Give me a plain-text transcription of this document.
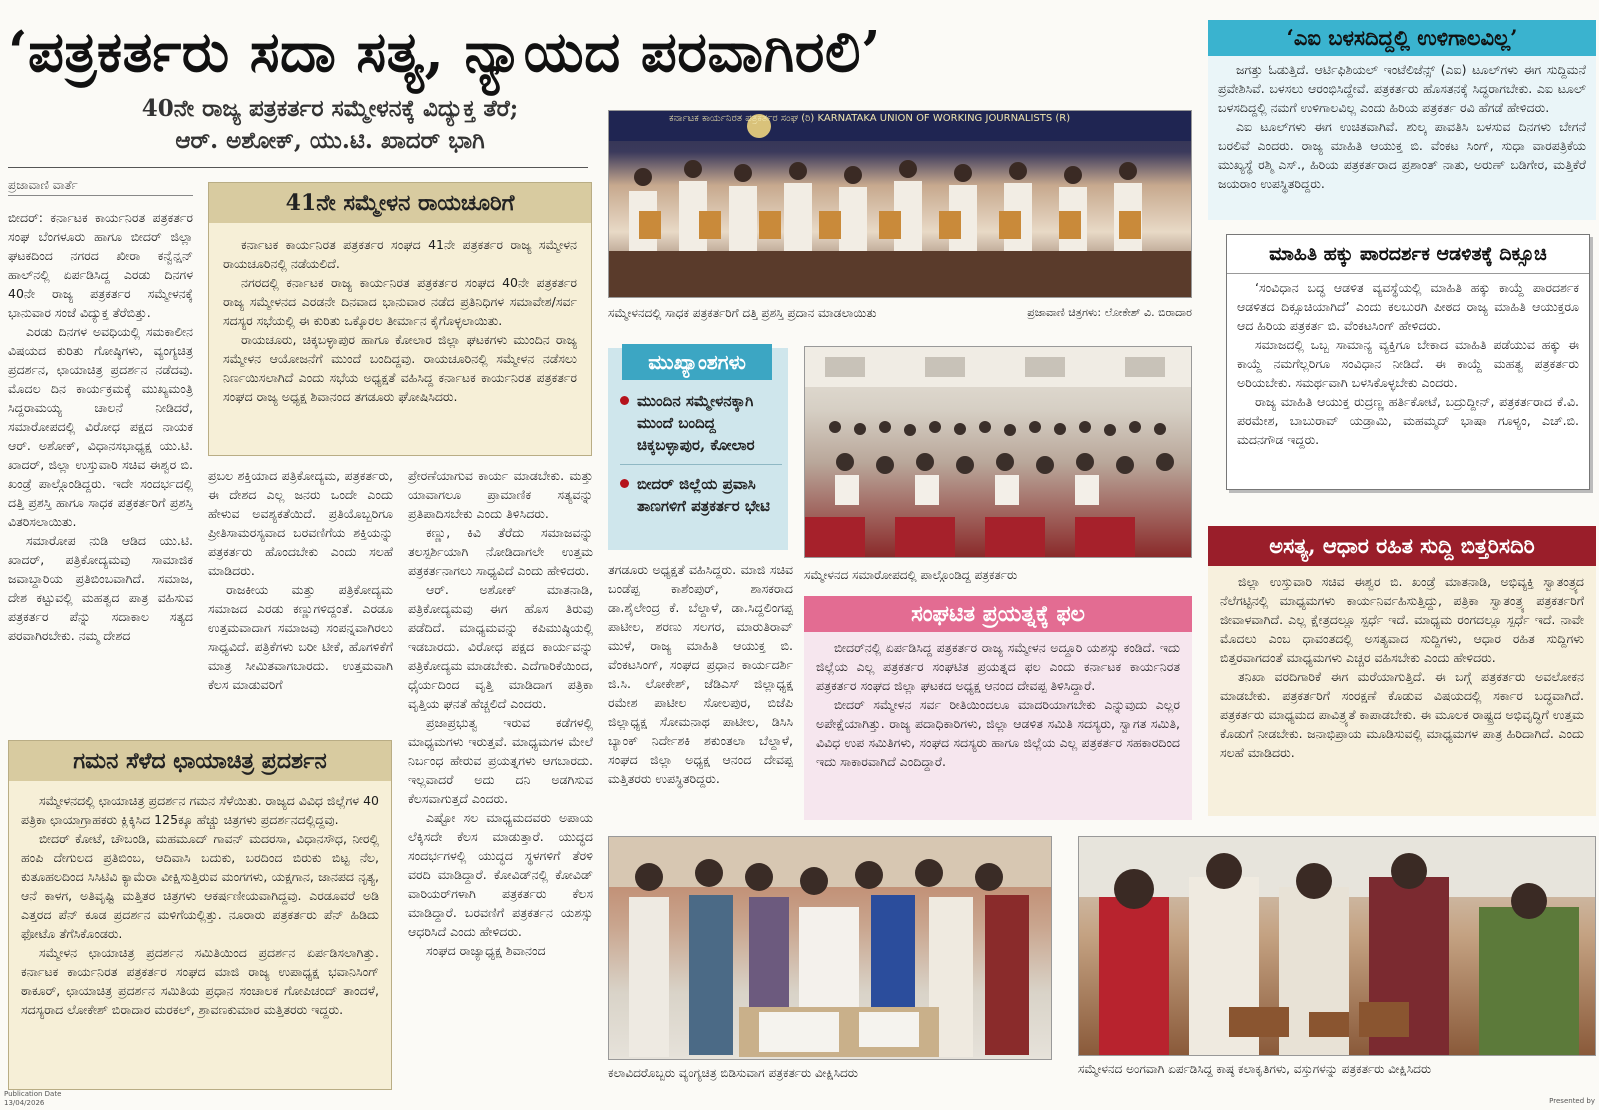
‘ಪತ್ರಕರ್ತರು ಸದಾ ಸತ್ಯ, ನ್ಯಾಯದ ಪರವಾಗಿರಲಿ’
40ನೇ ರಾಜ್ಯ ಪತ್ರಕರ್ತರ ಸಮ್ಮೇಳನಕ್ಕೆ ವಿದ್ಯುಕ್ತ ತೆರೆ;
ಆರ್‌. ಅಶೋಕ್‌, ಯು.ಟಿ. ಖಾದರ್‌ ಭಾಗಿ
ಪ್ರಜಾವಾಣಿ ವಾರ್ತೆ

ಬೀದರ್: ಕರ್ನಾಟಕ ಕಾರ್ಯನಿರತ ಪತ್ರಕರ್ತರ ಸಂಘ ಬೆಂಗಳೂರು ಹಾಗೂ ಬೀದರ್ ಜಿಲ್ಲಾ ಘಟಕದಿಂದ ನಗರದ ಖೀರಾ ಕನ್ವೆನ್ಷನ್ ಹಾಲ್‌ನಲ್ಲಿ ಏರ್ಪಡಿಸಿದ್ದ ಎರಡು ದಿನಗಳ 40ನೇ ರಾಜ್ಯ ಪತ್ರಕರ್ತರ ಸಮ್ಮೇಳನಕ್ಕೆ ಭಾನುವಾರ ಸಂಜೆ ವಿದ್ಯುಕ್ತ ತೆರೆಬಿತ್ತು.

ಎರಡು ದಿನಗಳ ಅವಧಿಯಲ್ಲಿ ಸಮಕಾಲೀನ ವಿಷಯದ ಕುರಿತು ಗೋಷ್ಠಿಗಳು, ವ್ಯಂಗ್ಯಚಿತ್ರ ಪ್ರದರ್ಶನ, ಛಾಯಾಚಿತ್ರ ಪ್ರದರ್ಶನ ನಡೆದವು. ಮೊದಲ ದಿನ ಕಾರ್ಯಕ್ರಮಕ್ಕೆ ಮುಖ್ಯಮಂತ್ರಿ ಸಿದ್ದರಾಮಯ್ಯ ಚಾಲನೆ ನೀಡಿದರೆ, ಸಮಾರೋಪದಲ್ಲಿ ವಿರೋಧ ಪಕ್ಷದ ನಾಯಕ ಆರ್. ಅಶೋಕ್, ವಿಧಾನಸಭಾಧ್ಯಕ್ಷ ಯು.ಟಿ. ಖಾದರ್, ಜಿಲ್ಲಾ ಉಸ್ತುವಾರಿ ಸಚಿವ ಈಶ್ವರ ಬಿ. ಖಂಡ್ರೆ ಪಾಲ್ಗೊಂಡಿದ್ದರು. ಇದೇ ಸಂದರ್ಭದಲ್ಲಿ ದತ್ತಿ ಪ್ರಶಸ್ತಿ ಹಾಗೂ ಸಾಧಕ ಪತ್ರಕರ್ತರಿಗೆ ಪ್ರಶಸ್ತಿ ವಿತರಿಸಲಾಯಿತು.

ಸಮಾರೋಪ ನುಡಿ ಆಡಿದ ಯು.ಟಿ. ಖಾದರ್, ಪತ್ರಿಕೋದ್ಯಮವು ಸಾಮಾಜಿಕ ಜವಾಬ್ದಾರಿಯ ಪ್ರತಿಬಿಂಬವಾಗಿದೆ. ಸಮಾಜ, ದೇಶ ಕಟ್ಟುವಲ್ಲಿ ಮಹತ್ವದ ಪಾತ್ರ ವಹಿಸುವ ಪತ್ರಕರ್ತರ ಪೆನ್ನು ಸದಾಕಾಲ ಸತ್ಯದ ಪರವಾಗಿರಬೇಕು. ನಮ್ಮ ದೇಶದ

41ನೇ ಸಮ್ಮೇಳನ ರಾಯಚೂರಿಗೆ

ಕರ್ನಾಟಕ ಕಾರ್ಯನಿರತ ಪತ್ರಕರ್ತರ ಸಂಘದ 41ನೇ ಪತ್ರಕರ್ತರ ರಾಜ್ಯ ಸಮ್ಮೇಳನ ರಾಯಚೂರಿನಲ್ಲಿ ನಡೆಯಲಿದೆ.

ನಗರದಲ್ಲಿ ಕರ್ನಾಟಕ ರಾಜ್ಯ ಕಾರ್ಯನಿರತ ಪತ್ರಕರ್ತರ ಸಂಘದ 40ನೇ ಪತ್ರಕರ್ತರ ರಾಜ್ಯ ಸಮ್ಮೇಳನದ ಎರಡನೇ ದಿನವಾದ ಭಾನುವಾರ ನಡೆದ ಪ್ರತಿನಿಧಿಗಳ ಸಮಾವೇಶ/ಸರ್ವ ಸದಸ್ಯರ ಸಭೆಯಲ್ಲಿ ಈ ಕುರಿತು ಒಕ್ಕೊರಲ ತೀರ್ಮಾನ ಕೈಗೊಳ್ಳಲಾಯಿತು.

ರಾಯಚೂರು, ಚಿಕ್ಕಬಳ್ಳಾಪುರ ಹಾಗೂ ಕೋಲಾರ ಜಿಲ್ಲಾ ಘಟಕಗಳು ಮುಂದಿನ ರಾಜ್ಯ ಸಮ್ಮೇಳನ ಆಯೋಜನೆಗೆ ಮುಂದೆ ಬಂದಿದ್ದವು. ರಾಯಚೂರಿನಲ್ಲಿ ಸಮ್ಮೇಳನ ನಡೆಸಲು ನಿರ್ಣಯಿಸಲಾಗಿದೆ ಎಂದು ಸಭೆಯ ಅಧ್ಯಕ್ಷತೆ ವಹಿಸಿದ್ದ ಕರ್ನಾಟಕ ಕಾರ್ಯನಿರತ ಪತ್ರಕರ್ತರ ಸಂಘದ ರಾಜ್ಯ ಅಧ್ಯಕ್ಷ ಶಿವಾನಂದ ತಗಡೂರು ಘೋಷಿಸಿದರು.

ಪ್ರಬಲ ಶಕ್ತಿಯಾದ ಪತ್ರಿಕೋದ್ಯಮ, ಪತ್ರಕರ್ತರು, ಈ ದೇಶದ ಎಲ್ಲ ಜನರು ಒಂದೇ ಎಂದು ಹೇಳುವ ಅವಶ್ಯಕತೆಯಿದೆ. ಪ್ರತಿಯೊಬ್ಬರಿಗೂ ಪ್ರೀತಿಸಾಮರಸ್ಯವಾದ ಬರವಣಿಗೆಯ ಶಕ್ತಿಯನ್ನು ಪತ್ರಕರ್ತರು ಹೊಂದಬೇಕು ಎಂದು ಸಲಹೆ ಮಾಡಿದರು.

ರಾಜಕೀಯ ಮತ್ತು ಪತ್ರಿಕೋದ್ಯಮ ಸಮಾಜದ ಎರಡು ಕಣ್ಣುಗಳಿದ್ದಂತೆ. ಎರಡೂ ಉತ್ತಮವಾದಾಗ ಸಮಾಜವು ಸಂಪನ್ನವಾಗಿರಲು ಸಾಧ್ಯವಿದೆ. ಪತ್ರಿಕೆಗಳು ಬರೀ ಟೀಕೆ, ಹೊಗಳಿಕೆಗೆ ಮಾತ್ರ ಸೀಮಿತವಾಗಬಾರದು. ಉತ್ತಮವಾಗಿ ಕೆಲಸ ಮಾಡುವರಿಗೆ

ಪ್ರೇರಣೆಯಾಗುವ ಕಾರ್ಯ ಮಾಡಬೇಕು. ಮತ್ತು ಯಾವಾಗಲೂ ಪ್ರಾಮಾಣಿಕ ಸತ್ಯವನ್ನು ಪ್ರತಿಪಾದಿಸಬೇಕು ಎಂದು ತಿಳಿಸಿದರು.

ಕಣ್ಣು, ಕಿವಿ ತೆರೆದು ಸಮಾಜವನ್ನು ತಲಸ್ಪರ್ಶಿಯಾಗಿ ನೋಡಿದಾಗಲೇ ಉತ್ತಮ ಪತ್ರಕರ್ತನಾಗಲು ಸಾಧ್ಯವಿದೆ ಎಂದು ಹೇಳಿದರು.

ಆರ್. ಅಶೋಕ್ ಮಾತನಾಡಿ, ಪತ್ರಿಕೋದ್ಯಮವು ಈಗ ಹೊಸ ತಿರುವು ಪಡೆದಿದೆ. ಮಾಧ್ಯಮವನ್ನು ಕಪಿಮುಷ್ಠಿಯಲ್ಲಿ ಇಡಬಾರದು. ವಿರೋಧ ಪಕ್ಷದ ಕಾರ್ಯವನ್ನು ಪತ್ರಿಕೋದ್ಯಮ ಮಾಡಬೇಕು. ಎದೆಗಾರಿಕೆಯಿಂದ, ಧೈರ್ಯದಿಂದ ವೃತ್ತಿ ಮಾಡಿದಾಗ ಪತ್ರಿಕಾ ವೃತ್ತಿಯ ಘನತೆ ಹೆಚ್ಚಲಿದೆ ಎಂದರು.

ಪ್ರಜಾಪ್ರಭುತ್ವ ಇರುವ ಕಡೆಗಳಲ್ಲಿ ಮಾಧ್ಯಮಗಳು ಇರುತ್ತವೆ. ಮಾಧ್ಯಮಗಳ ಮೇಲೆ ನಿರ್ಬಂಧ ಹೇರುವ ಪ್ರಯತ್ನಗಳು ಆಗಬಾರದು. ಇಲ್ಲವಾದರೆ ಅದು ದನಿ ಅಡಗಿಸುವ ಕೆಲಸವಾಗುತ್ತದೆ ಎಂದರು.

ಎಷ್ಟೋ ಸಲ ಮಾಧ್ಯಮದವರು ಅಪಾಯ ಲೆಕ್ಕಿಸದೇ ಕೆಲಸ ಮಾಡುತ್ತಾರೆ. ಯುದ್ಧದ ಸಂದರ್ಭಗಳಲ್ಲಿ ಯುದ್ಧದ ಸ್ಥಳಗಳಿಗೆ ತೆರಳಿ ವರದಿ ಮಾಡಿದ್ದಾರೆ. ಕೋವಿಡ್‌ನಲ್ಲಿ ಕೋವಿಡ್ ವಾರಿಯರ್‌ಗಳಾಗಿ ಪತ್ರಕರ್ತರು ಕೆಲಸ ಮಾಡಿದ್ದಾರೆ. ಬರವಣಿಗೆ ಪತ್ರಕರ್ತನ ಯಶಸ್ಸು ಆಧರಿಸಿದೆ ಎಂದು ಹೇಳಿದರು.

ಸಂಘದ ರಾಜ್ಯಾಧ್ಯಕ್ಷ ಶಿವಾನಂದ

ಗಮನ ಸೆಳೆದ ಛಾಯಾಚಿತ್ರ ಪ್ರದರ್ಶನ

ಸಮ್ಮೇಳನದಲ್ಲಿ ಛಾಯಾಚಿತ್ರ ಪ್ರದರ್ಶನ ಗಮನ ಸೆಳೆಯಿತು. ರಾಜ್ಯದ ವಿವಿಧ ಜಿಲ್ಲೆಗಳ 40 ಪತ್ರಿಕಾ ಛಾಯಾಗ್ರಾಹಕರು ಕ್ಲಿಕ್ಕಿಸಿದ 125ಕ್ಕೂ ಹೆಚ್ಚು ಚಿತ್ರಗಳು ಪ್ರದರ್ಶನದಲ್ಲಿದ್ದವು.

ಬೀದರ್ ಕೋಟೆ, ಚೌಬಂಡಿ, ಮಹಮೂದ್ ಗಾವನ್ ಮದರಸಾ, ವಿಧಾನಸೌಧ, ನೀರಲ್ಲಿ ಹಂಪಿ ದೇಗುಲದ ಪ್ರತಿಬಿಂಬ, ಆದಿವಾಸಿ ಬದುಕು, ಬರದಿಂದ ಬಿರುಕು ಬಿಟ್ಟ ನೆಲ, ಕುತೂಹಲದಿಂದ ಸಿಸಿಟಿವಿ ಕ್ಯಾಮೆರಾ ವೀಕ್ಷಿಸುತ್ತಿರುವ ಮಂಗಗಳು, ಯಕ್ಷಗಾನ, ಜಾನಪದ ನೃತ್ಯ, ಆನೆ ಕಾಳಗ, ಅತಿವೃಷ್ಟಿ ಮತ್ತಿತರ ಚಿತ್ರಗಳು ಆಕರ್ಷಣೀಯವಾಗಿದ್ದವು. ಎರಡೂವರೆ ಅಡಿ ಎತ್ತರದ ಪೆನ್ ಕೂಡ ಪ್ರದರ್ಶನ ಮಳಿಗೆಯಲ್ಲಿತ್ತು. ನೂರಾರು ಪತ್ರಕರ್ತರು ಪೆನ್ ಹಿಡಿದು ಫೋಟೊ ತೆಗೆಸಿಕೊಂಡರು.

ಸಮ್ಮೇಳನ ಛಾಯಾಚಿತ್ರ ಪ್ರದರ್ಶನ ಸಮಿತಿಯಿಂದ ಪ್ರದರ್ಶನ ಏರ್ಪಡಿಸಲಾಗಿತ್ತು. ಕರ್ನಾಟಕ ಕಾರ್ಯನಿರತ ಪತ್ರಕರ್ತರ ಸಂಘದ ಮಾಜಿ ರಾಜ್ಯ ಉಪಾಧ್ಯಕ್ಷ ಭವಾನಿಸಿಂಗ್ ಠಾಕೂರ್, ಛಾಯಾಚಿತ್ರ ಪ್ರದರ್ಶನ ಸಮಿತಿಯ ಪ್ರಧಾನ ಸಂಚಾಲಕ ಗೋಪಿಚಂದ್ ತಾಂದಳೆ, ಸದಸ್ಯರಾದ ಲೋಕೇಶ್ ಬಿರಾದಾರ ಮರಕಲ್, ಶ್ರಾವಣಕುಮಾರ ಮತ್ತಿತರರು ಇದ್ದರು.

ಕರ್ನಾಟಕ ಕಾರ್ಯನಿರತ ಪತ್ರಕರ್ತರ ಸಂಘ (ರಿ) KARNATAKA UNION OF WORKING JOURNALISTS (R)
ಸಮ್ಮೇಳನದಲ್ಲಿ ಸಾಧಕ ಪತ್ರಕರ್ತರಿಗೆ ದತ್ತಿ ಪ್ರಶಸ್ತಿ ಪ್ರದಾನ ಮಾಡಲಾಯಿತು	ಪ್ರಜಾವಾಣಿ ಚಿತ್ರಗಳು: ಲೋಕೇಶ್ ವಿ. ಬಿರಾದಾರ
ಮುಖ್ಯಾಂಶಗಳು
ಮುಂದಿನ ಸಮ್ಮೇಳನಕ್ಕಾಗಿ ಮುಂದೆ ಬಂದಿದ್ದ ಚಿಕ್ಕಬಳ್ಳಾಪುರ, ಕೋಲಾರ
ಬೀದರ್ ಜಿಲ್ಲೆಯ ಪ್ರವಾಸಿ ತಾಣಗಳಿಗೆ ಪತ್ರಕರ್ತರ ಭೇಟಿ

ತಗಡೂರು ಅಧ್ಯಕ್ಷತೆ ವಹಿಸಿದ್ದರು. ಮಾಜಿ ಸಚಿವ ಬಂಡೆಪ್ಪ ಕಾಶೆಂಪುರ್, ಶಾಸಕರಾದ ಡಾ.ಶೈಲೇಂದ್ರ ಕೆ. ಬೆಲ್ದಾಳೆ, ಡಾ.ಸಿದ್ದಲಿಂಗಪ್ಪ ಪಾಟೀಲ, ಶರಣು ಸಲಗರ, ಮಾರುತಿರಾವ್ ಮುಳೆ, ರಾಜ್ಯ ಮಾಹಿತಿ ಆಯುಕ್ತ ಬಿ. ವೆಂಕಟಸಿಂಗ್, ಸಂಘದ ಪ್ರಧಾನ ಕಾರ್ಯದರ್ಶಿ ಜಿ.ಸಿ. ಲೋಕೇಶ್, ಜೆಡಿಎಸ್ ಜಿಲ್ಲಾಧ್ಯಕ್ಷ ರಮೇಶ ಪಾಟೀಲ ಸೋಲಪುರ, ಬಿಜೆಪಿ ಜಿಲ್ಲಾಧ್ಯಕ್ಷ ಸೋಮನಾಥ ಪಾಟೀಲ, ಡಿಸಿಸಿ ಬ್ಯಾಂಕ್ ನಿರ್ದೇಶಕಿ ಶಕುಂತಲಾ ಬೆಲ್ದಾಳೆ, ಸಂಘದ ಜಿಲ್ಲಾ ಅಧ್ಯಕ್ಷ ಆನಂದ ದೇವಪ್ಪ ಮತ್ತಿತರರು ಉಪಸ್ಥಿತರಿದ್ದರು.

ಸಮ್ಮೇಳನದ ಸಮಾರೋಪದಲ್ಲಿ ಪಾಲ್ಗೊಂಡಿದ್ದ ಪತ್ರಕರ್ತರು
ಸಂಘಟಿತ ಪ್ರಯತ್ನಕ್ಕೆ ಫಲ

ಬೀದರ್‌ನಲ್ಲಿ ಏರ್ಪಡಿಸಿದ್ದ ಪತ್ರಕರ್ತರ ರಾಜ್ಯ ಸಮ್ಮೇಳನ ಅದ್ದೂರಿ ಯಶಸ್ಸು ಕಂಡಿದೆ. ಇದು ಜಿಲ್ಲೆಯ ಎಲ್ಲ ಪತ್ರಕರ್ತರ ಸಂಘಟಿತ ಪ್ರಯತ್ನದ ಫಲ ಎಂದು ಕರ್ನಾಟಕ ಕಾರ್ಯನಿರತ ಪತ್ರಕರ್ತರ ಸಂಘದ ಜಿಲ್ಲಾ ಘಟಕದ ಅಧ್ಯಕ್ಷ ಆನಂದ ದೇವಪ್ಪ ತಿಳಿಸಿದ್ದಾರೆ.

ಬೀದರ್ ಸಮ್ಮೇಳನ ಸರ್ವ ರೀತಿಯಿಂದಲೂ ಮಾದರಿಯಾಗಬೇಕು ಎನ್ನುವುದು ಎಲ್ಲರ ಅಪೇಕ್ಷೆಯಾಗಿತ್ತು. ರಾಜ್ಯ ಪದಾಧಿಕಾರಿಗಳು, ಜಿಲ್ಲಾ ಆಡಳಿತ ಸಮಿತಿ ಸದಸ್ಯರು, ಸ್ವಾಗತ ಸಮಿತಿ, ವಿವಿಧ ಉಪ ಸಮಿತಿಗಳು, ಸಂಘದ ಸದಸ್ಯರು ಹಾಗೂ ಜಿಲ್ಲೆಯ ಎಲ್ಲ ಪತ್ರಕರ್ತರ ಸಹಕಾರದಿಂದ ಇದು ಸಾಕಾರವಾಗಿದೆ ಎಂದಿದ್ದಾರೆ.

‘ಎಐ ಬಳಸದಿದ್ದಲ್ಲಿ ಉಳಿಗಾಲವಿಲ್ಲ’

ಜಗತ್ತು ಓಡುತ್ತಿದೆ. ಆರ್ಟಿಫಿಶಿಯಲ್ ಇಂಟೆಲಿಜೆನ್ಸ್ (ಎಐ) ಟೂಲ್‌ಗಳು ಈಗ ಸುದ್ದಿಮನೆ ಪ್ರವೇಶಿಸಿವೆ. ಬಳಸಲು ಆರಂಭಿಸಿದ್ದೇವೆ. ಪತ್ರಕರ್ತರು ಹೊಸತನಕ್ಕೆ ಸಿದ್ಧರಾಗಬೇಕು. ಎಐ ಟೂಲ್ ಬಳಸದಿದ್ದಲ್ಲಿ ನಮಗೆ ಉಳಿಗಾಲವಿಲ್ಲ ಎಂದು ಹಿರಿಯ ಪತ್ರಕರ್ತ ರವಿ ಹೆಗಡೆ ಹೇಳಿದರು.

ಎಐ ಟೂಲ್‌ಗಳು ಈಗ ಉಚಿತವಾಗಿವೆ. ಶುಲ್ಕ ಪಾವತಿಸಿ ಬಳಸುವ ದಿನಗಳು ಬೇಗನೆ ಬರಲಿವೆ ಎಂದರು. ರಾಜ್ಯ ಮಾಹಿತಿ ಆಯುಕ್ತ ಬಿ. ವೆಂಕಟ ಸಿಂಗ್, ಸುಧಾ ವಾರಪತ್ರಿಕೆಯ ಮುಖ್ಯಸ್ಥೆ ರಶ್ಮಿ ಎಸ್., ಹಿರಿಯ ಪತ್ರಕರ್ತರಾದ ಪ್ರಶಾಂತ್ ನಾತು, ಅರುಣ್ ಬಡಿಗೇರ, ಮತ್ತಿಕೆರೆ ಜಯರಾಂ ಉಪಸ್ಥಿತರಿದ್ದರು.

ಮಾಹಿತಿ ಹಕ್ಕು ಪಾರದರ್ಶಕ ಆಡಳಿತಕ್ಕೆ ದಿಕ್ಸೂಚಿ

‘ಸಂವಿಧಾನ ಬದ್ಧ ಆಡಳಿತ ವ್ಯವಸ್ಥೆಯಲ್ಲಿ ಮಾಹಿತಿ ಹಕ್ಕು ಕಾಯ್ದೆ ಪಾರದರ್ಶಕ ಆಡಳಿತದ ದಿಕ್ಸೂಚಿಯಾಗಿದೆ’ ಎಂದು ಕಲಬುರಗಿ ಪೀಠದ ರಾಜ್ಯ ಮಾಹಿತಿ ಆಯುಕ್ತರೂ ಆದ ಹಿರಿಯ ಪತ್ರಕರ್ತ ಬಿ. ವೆಂಕಟಸಿಂಗ್ ಹೇಳಿದರು.

ಸಮಾಜದಲ್ಲಿ ಒಬ್ಬ ಸಾಮಾನ್ಯ ವ್ಯಕ್ತಿಗೂ ಬೇಕಾದ ಮಾಹಿತಿ ಪಡೆಯುವ ಹಕ್ಕು ಈ ಕಾಯ್ದೆ ನಮಗೆಲ್ಲರಿಗೂ ಸಂವಿಧಾನ ನೀಡಿದೆ. ಈ ಕಾಯ್ದೆ ಮಹತ್ವ ಪತ್ರಕರ್ತರು ಅರಿಯಬೇಕು. ಸಮರ್ಥವಾಗಿ ಬಳಸಿಕೊಳ್ಳಬೇಕು ಎಂದರು.

ರಾಜ್ಯ ಮಾಹಿತಿ ಆಯುಕ್ತ ರುದ್ರಣ್ಣ ಹರ್ತಿಕೋಟೆ, ಬದ್ರುದ್ದೀನ್, ಪತ್ರಕರ್ತರಾದ ಕೆ.ವಿ. ಪರಮೇಶ, ಬಾಬುರಾವ್ ಯಡ್ರಾಮಿ, ಮಹಮ್ಮದ್ ಭಾಷಾ ಗೂಳ್ಯಂ, ಎಚ್.ಬಿ. ಮದನಗೌಡ ಇದ್ದರು.

ಅಸತ್ಯ, ಆಧಾರ ರಹಿತ ಸುದ್ದಿ ಬಿತ್ತರಿಸದಿರಿ

ಜಿಲ್ಲಾ ಉಸ್ತುವಾರಿ ಸಚಿವ ಈಶ್ವರ ಬಿ. ಖಂಡ್ರೆ ಮಾತನಾಡಿ, ಅಭಿವ್ಯಕ್ತಿ ಸ್ವಾತಂತ್ರ್ಯದ ನೆಲೆಗಟ್ಟಿನಲ್ಲಿ ಮಾಧ್ಯಮಗಳು ಕಾರ್ಯನಿರ್ವಹಿಸುತ್ತಿದ್ದು, ಪತ್ರಿಕಾ ಸ್ವಾತಂತ್ರ್ಯ ಪತ್ರಕರ್ತರಿಗೆ ಜೀವಾಳವಾಗಿದೆ. ಎಲ್ಲ ಕ್ಷೇತ್ರದಲ್ಲೂ ಸ್ಪರ್ಧೆ ಇದೆ. ಮಾಧ್ಯಮ ರಂಗದಲ್ಲೂ ಸ್ಪರ್ಧೆ ಇದೆ. ನಾವೇ ಮೊದಲು ಎಂಬ ಧಾವಂತದಲ್ಲಿ ಅಸತ್ಯವಾದ ಸುದ್ದಿಗಳು, ಆಧಾರ ರಹಿತ ಸುದ್ದಿಗಳು ಬಿತ್ತರವಾಗದಂತೆ ಮಾಧ್ಯಮಗಳು ಎಚ್ಚರ ವಹಿಸಬೇಕು ಎಂದು ಹೇಳಿದರು.

ತನಿಖಾ ವರದಿಗಾರಿಕೆ ಈಗ ಮರೆಯಾಗುತ್ತಿದೆ. ಈ ಬಗ್ಗೆ ಪತ್ರಕರ್ತರು ಅವಲೋಕನ ಮಾಡಬೇಕು. ಪತ್ರಕರ್ತರಿಗೆ ಸಂರಕ್ಷಣೆ ಕೊಡುವ ವಿಷಯದಲ್ಲಿ ಸರ್ಕಾರ ಬದ್ಧವಾಗಿದೆ. ಪತ್ರಕರ್ತರು ಮಾಧ್ಯಮದ ಪಾವಿತ್ರ್ಯತೆ ಕಾಪಾಡಬೇಕು. ಈ ಮೂಲಕ ರಾಷ್ಟ್ರದ ಅಭಿವೃದ್ಧಿಗೆ ಉತ್ತಮ ಕೊಡುಗೆ ನೀಡಬೇಕು. ಜನಾಭಿಪ್ರಾಯ ಮೂಡಿಸುವಲ್ಲಿ ಮಾಧ್ಯಮಗಳ ಪಾತ್ರ ಹಿರಿದಾಗಿದೆ. ಎಂದು ಸಲಹೆ ಮಾಡಿದರು.

ಕಲಾವಿದರೊಬ್ಬರು ವ್ಯಂಗ್ಯಚಿತ್ರ ಬಿಡಿಸುವಾಗ ಪತ್ರಕರ್ತರು ವೀಕ್ಷಿಸಿದರು	ಸಮ್ಮೇಳನದ ಅಂಗವಾಗಿ ಏರ್ಪಡಿಸಿದ್ದ ಕಾಷ್ಠ ಕಲಾಕೃತಿಗಳು, ವಸ್ತುಗಳನ್ನು ಪತ್ರಕರ್ತರು ವೀಕ್ಷಿಸಿದರು
Publication Date
13/04/2026	Presented by
